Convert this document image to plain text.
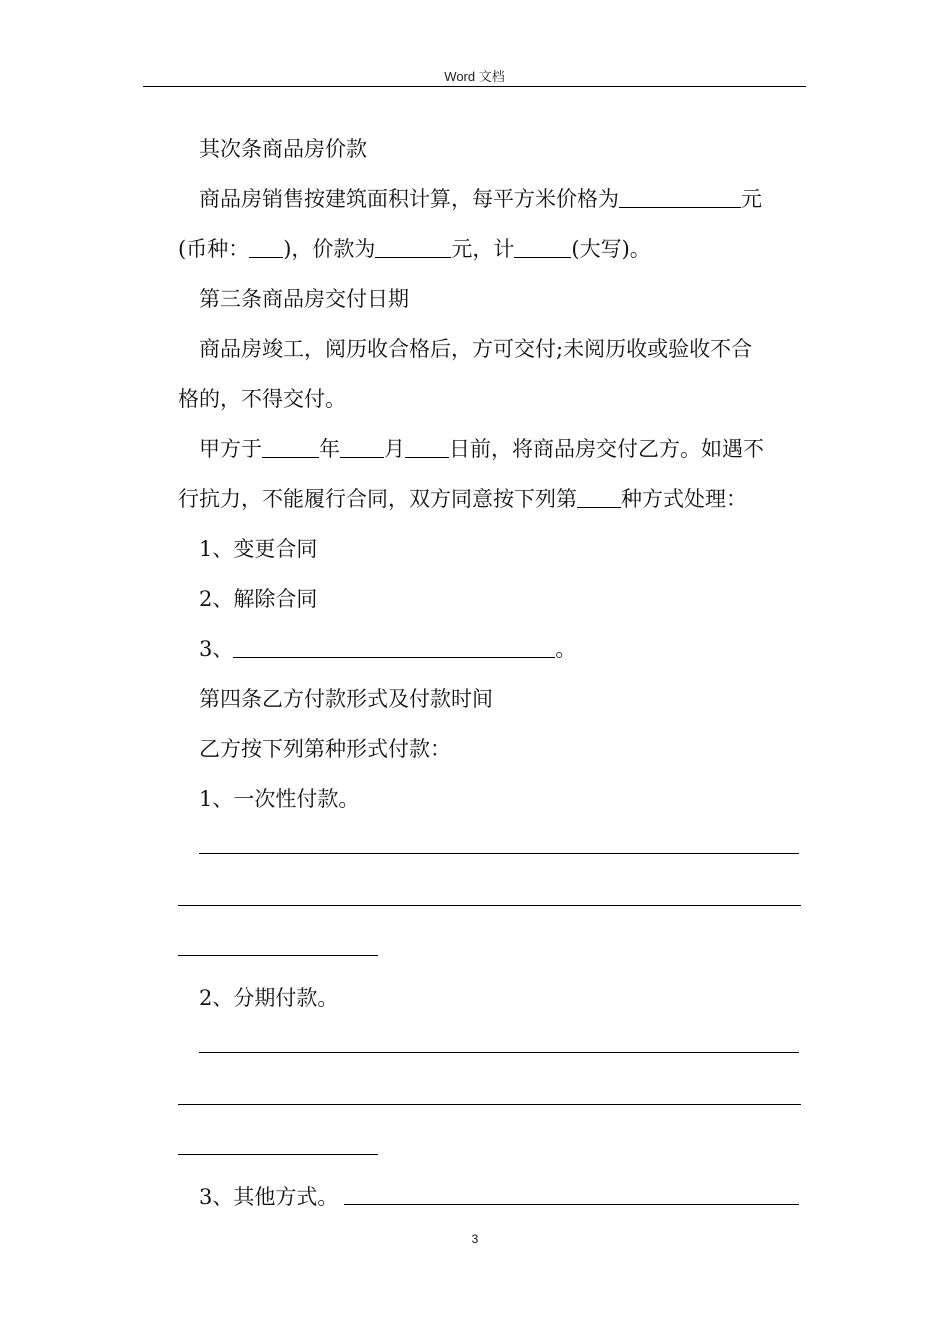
Word 文档
其次条商品房价款
商品房销售按建筑面积计算，每平方米价格为	元
(币种： )，价款为	元，计	(大写)。
第三条商品房交付日期
商品房竣工，阅历收合格后，方可交付;未阅历收或验收不合
格的，不得交付。
甲方于	年 月 日前，将商品房交付乙方。如遇不
行抗力，不能履行合同，双方同意按下列第 种方式处理：
1、变更合同
2、解除合同
3、	。
第四条乙方付款形式及付款时间
乙方按下列第种形式付款：
1、一次性付款。
2、分期付款。
3、其他方式。
3
